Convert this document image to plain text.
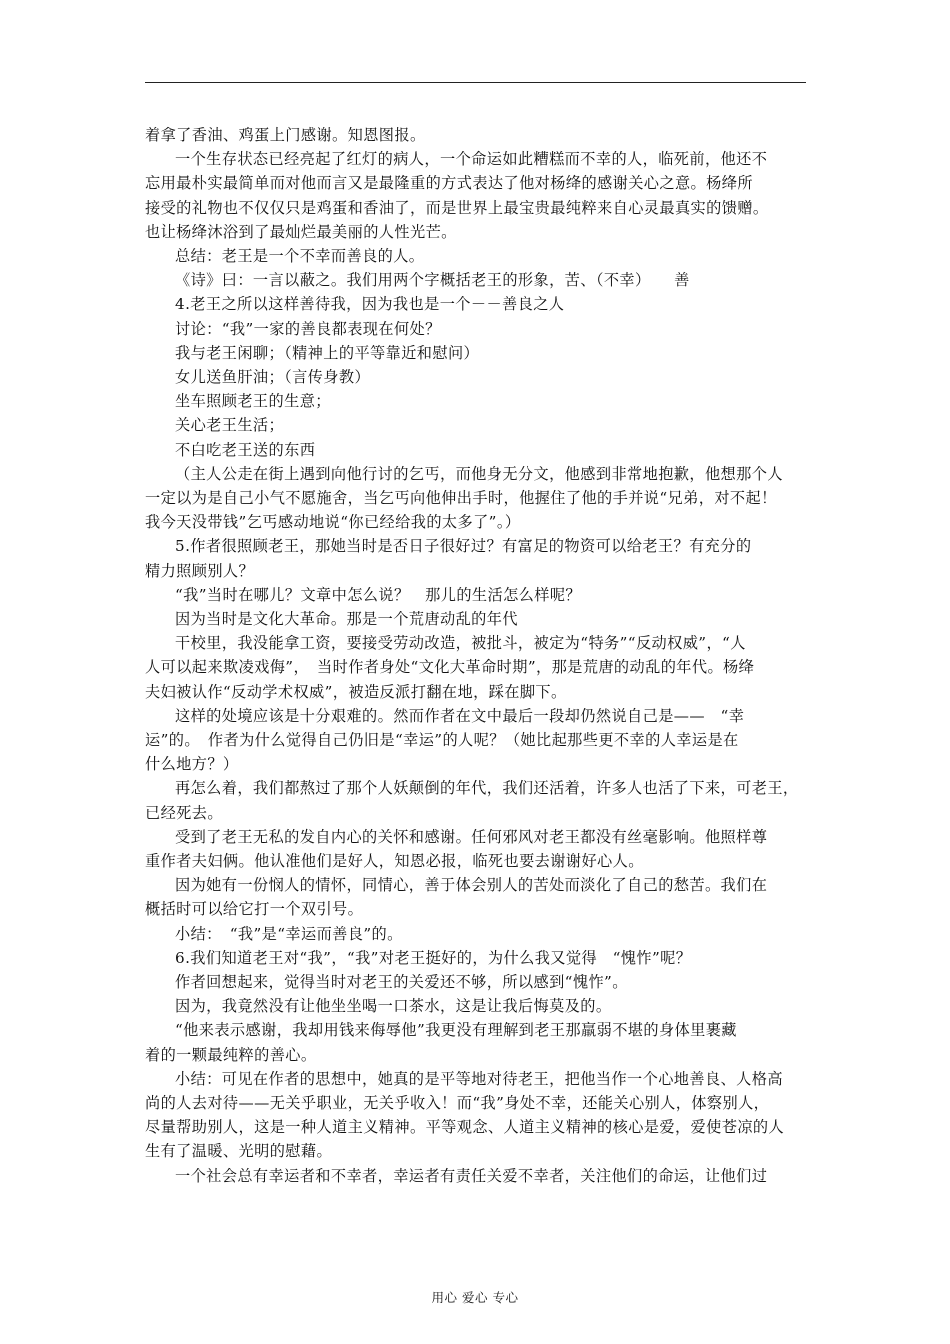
着拿了香油、鸡蛋上门感谢。知恩图报。
一个生存状态已经亮起了红灯的病人，一个命运如此糟糕而不幸的人，临死前，他还不
忘用最朴实最简单而对他而言又是最隆重的方式表达了他对杨绛的感谢关心之意。杨绛所
接受的礼物也不仅仅只是鸡蛋和香油了，而是世界上最宝贵最纯粹来自心灵最真实的馈赠。
也让杨绛沐浴到了最灿烂最美丽的人性光芒。
总结：老王是一个不幸而善良的人。
《诗》曰：一言以蔽之。我们用两个字概括老王的形象，苦、（不幸）　　善
4.老王之所以这样善待我，因为我也是一个－－善良之人
讨论：“我”一家的善良都表现在何处？
我与老王闲聊；（精神上的平等靠近和慰问）
女儿送鱼肝油；（言传身教）
坐车照顾老王的生意；
关心老王生活；
不白吃老王送的东西
（主人公走在街上遇到向他行讨的乞丐，而他身无分文，他感到非常地抱歉，他想那个人
一定以为是自己小气不愿施舍，当乞丐向他伸出手时，他握住了他的手并说“兄弟，对不起！
我今天没带钱”乞丐感动地说“你已经给我的太多了”。）
5.作者很照顾老王，那她当时是否日子很好过？有富足的物资可以给老王？有充分的
精力照顾别人？
“我”当时在哪儿？文章中怎么说？　那儿的生活怎么样呢？
因为当时是文化大革命。那是一个荒唐动乱的年代
干校里，我没能拿工资，要接受劳动改造，被批斗，被定为“特务”“反动权威”，“人
人可以起来欺凌戏侮”，　当时作者身处“文化大革命时期”，那是荒唐的动乱的年代。杨绛
夫妇被认作“反动学术权威”，被造反派打翻在地，踩在脚下。
这样的处境应该是十分艰难的。然而作者在文中最后一段却仍然说自己是——　“幸
运”的。　作者为什么觉得自己仍旧是“幸运”的人呢？（她比起那些更不幸的人幸运是在
什么地方？）
再怎么着，我们都熬过了那个人妖颠倒的年代，我们还活着，许多人也活了下来，可老王，
已经死去。
受到了老王无私的发自内心的关怀和感谢。任何邪风对老王都没有丝毫影响。他照样尊
重作者夫妇俩。他认准他们是好人，知恩必报，临死也要去谢谢好心人。
因为她有一份悯人的情怀，同情心，善于体会别人的苦处而淡化了自己的愁苦。我们在
概括时可以给它打一个双引号。
小结：　“我”是“幸运而善良”的。
6.我们知道老王对“我”，“我”对老王挺好的，为什么我又觉得　“愧怍”呢？
作者回想起来，觉得当时对老王的关爱还不够，所以感到“愧怍”。
因为，我竟然没有让他坐坐喝一口茶水，这是让我后悔莫及的。
“他来表示感谢，我却用钱来侮辱他”我更没有理解到老王那羸弱不堪的身体里裹藏
着的一颗最纯粹的善心。
小结：可见在作者的思想中，她真的是平等地对待老王，把他当作一个心地善良、人格高
尚的人去对待——无关乎职业，无关乎收入！而“我”身处不幸，还能关心别人，体察别人，
尽量帮助别人，这是一种人道主义精神。平等观念、人道主义精神的核心是爱，爱使苍凉的人
生有了温暖、光明的慰藉。
一个社会总有幸运者和不幸者，幸运者有责任关爱不幸者，关注他们的命运，让他们过
用心 爱心 专心
